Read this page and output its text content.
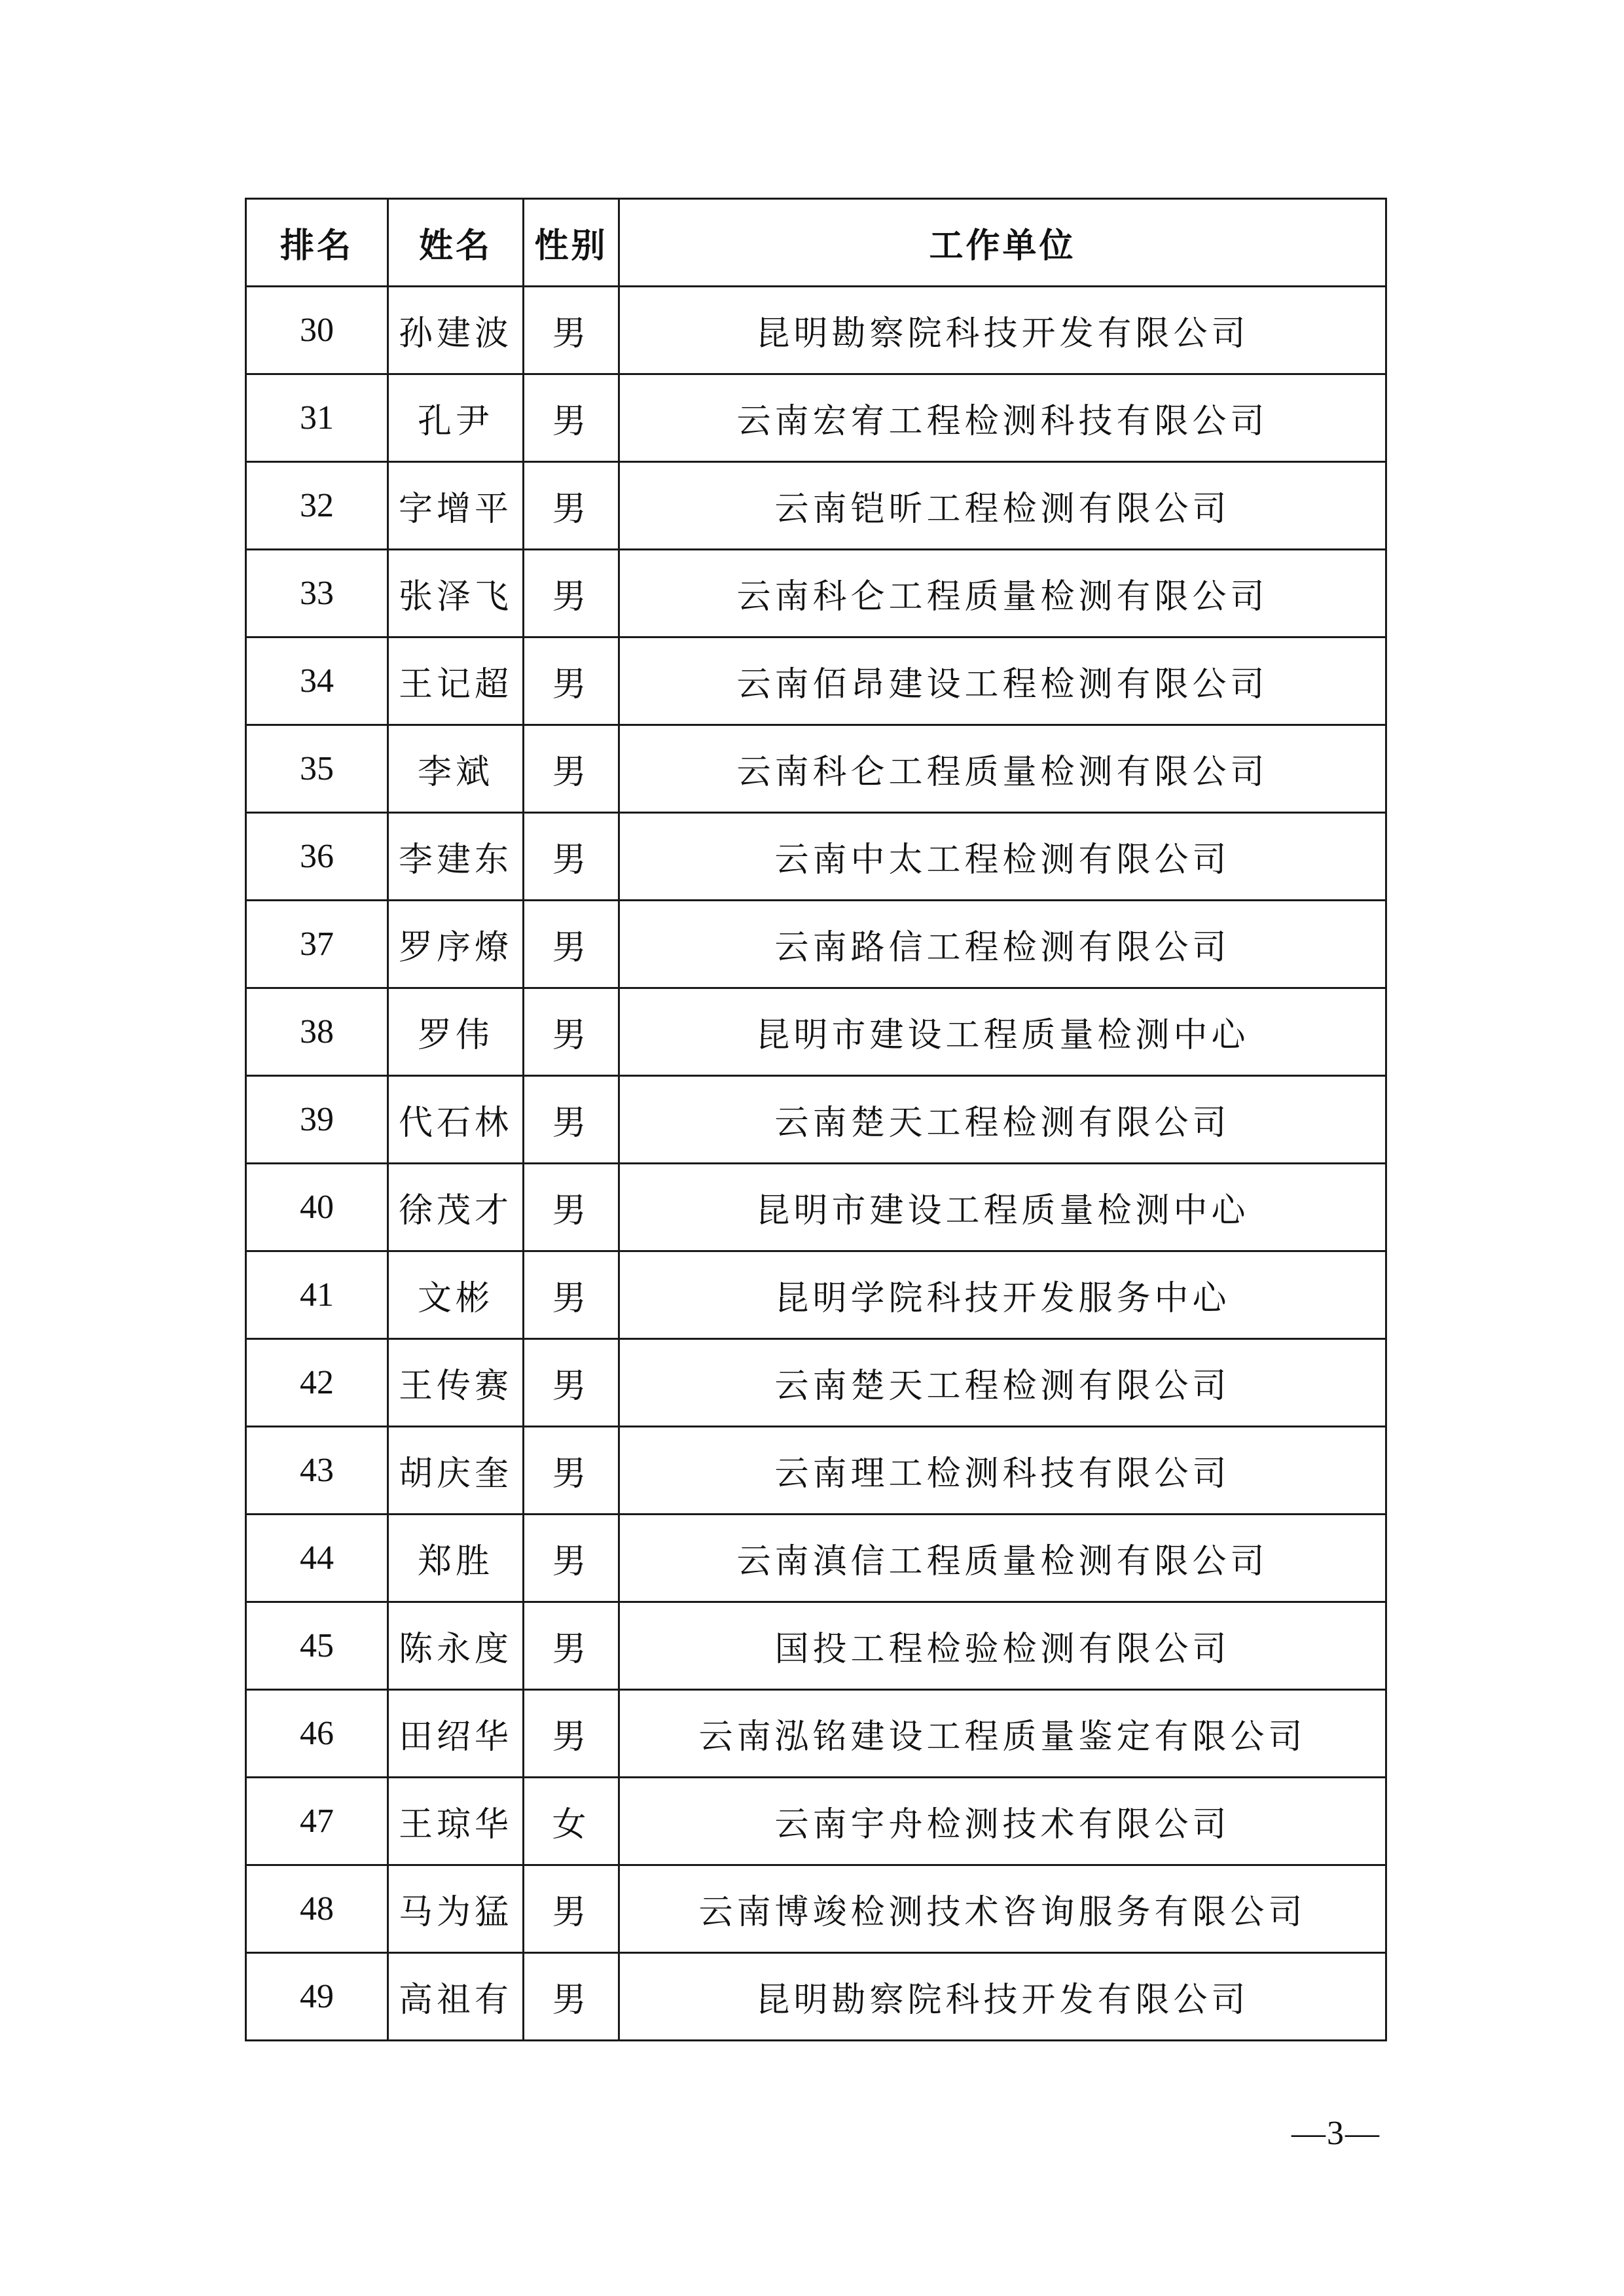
排名	姓名	性别	工作单位
30	孙建波	男	昆明勘察院科技开发有限公司
31	孔尹	男	云南宏宥工程检测科技有限公司
32	字增平	男	云南铠昕工程检测有限公司
33	张泽飞	男	云南科仑工程质量检测有限公司
34	王记超	男	云南佰昂建设工程检测有限公司
35	李斌	男	云南科仑工程质量检测有限公司
36	李建东	男	云南中太工程检测有限公司
37	罗序燎	男	云南路信工程检测有限公司
38	罗伟	男	昆明市建设工程质量检测中心
39	代石林	男	云南楚天工程检测有限公司
40	徐茂才	男	昆明市建设工程质量检测中心
41	文彬	男	昆明学院科技开发服务中心
42	王传赛	男	云南楚天工程检测有限公司
43	胡庆奎	男	云南理工检测科技有限公司
44	郑胜	男	云南滇信工程质量检测有限公司
45	陈永度	男	国投工程检验检测有限公司
46	田绍华	男	云南泓铭建设工程质量鉴定有限公司
47	王琼华	女	云南宇舟检测技术有限公司
48	马为猛	男	云南博竣检测技术咨询服务有限公司
49	高祖有	男	昆明勘察院科技开发有限公司
—3—
